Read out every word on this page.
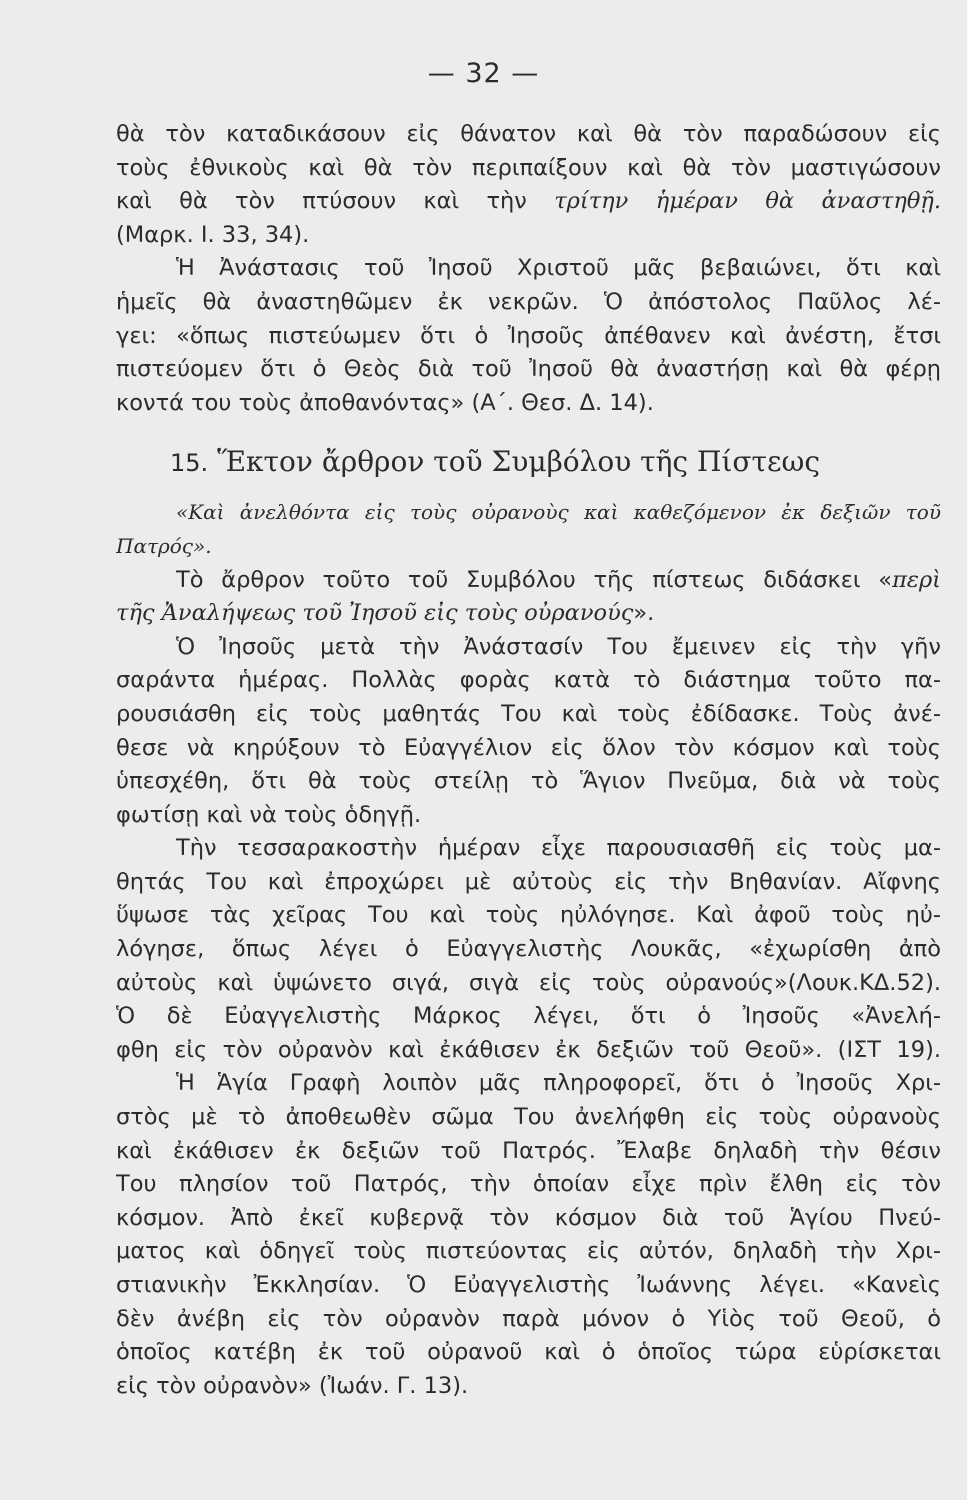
— 32 —
θὰ τὸν καταδικάσουν εἰς θάνατον καὶ θὰ τὸν παραδώσουν εἰς
τοὺς ἐθνικοὺς καὶ θὰ τὸν περιπαίξουν καὶ θὰ τὸν μαστιγώσουν
καὶ θὰ τὸν πτύσουν καὶ τὴν τρίτην ἡμέραν θὰ ἀναστηθῇ.
(Μαρκ. Ι. 33, 34).
Ἡ Ἀνάστασις τοῦ Ἰησοῦ Χριστοῦ μᾶς βεβαιώνει, ὅτι καὶ
ἡμεῖς θὰ ἀναστηθῶμεν ἐκ νεκρῶν. Ὁ ἀπόστολος Παῦλος λέ-
γει: «ὅπως πιστεύωμεν ὅτι ὁ Ἰησοῦς ἀπέθανεν καὶ ἀνέστη, ἔτσι
πιστεύομεν ὅτι ὁ Θεὸς διὰ τοῦ Ἰησοῦ θὰ ἀναστήσῃ καὶ θὰ φέρῃ
κοντά του τοὺς ἀποθανόντας» (Α΄. Θεσ. Δ. 14).
15. Ἕκτον ἄρθρον τοῦ Συμβόλου τῆς Πίστεως
«Καὶ ἀνελθόντα εἰς τοὺς οὐρανοὺς καὶ καθεζόμενον ἐκ δεξιῶν τοῦ
Πατρός».
Τὸ ἄρθρον τοῦτο τοῦ Συμβόλου τῆς πίστεως διδάσκει «περὶ
τῆς Ἀναλήψεως τοῦ Ἰησοῦ εἰς τοὺς οὐρανούς».
Ὁ Ἰησοῦς μετὰ τὴν Ἀνάστασίν Του ἔμεινεν εἰς τὴν γῆν
σαράντα ἡμέρας. Πολλὰς φορὰς κατὰ τὸ διάστημα τοῦτο πα-
ρουσιάσθη εἰς τοὺς μαθητάς Του καὶ τοὺς ἐδίδασκε. Τοὺς ἀνέ-
θεσε νὰ κηρύξουν τὸ Εὐαγγέλιον εἰς ὅλον τὸν κόσμον καὶ τοὺς
ὑπεσχέθη, ὅτι θὰ τοὺς στείλῃ τὸ Ἅγιον Πνεῦμα, διὰ νὰ τοὺς
φωτίσῃ καὶ νὰ τοὺς ὁδηγῇ.
Τὴν τεσσαρακοστὴν ἡμέραν εἶχε παρουσιασθῆ εἰς τοὺς μα-
θητάς Του καὶ ἐπροχώρει μὲ αὐτοὺς εἰς τὴν Βηθανίαν. Αἴφνης
ὕψωσε τὰς χεῖρας Του καὶ τοὺς ηὐλόγησε. Καὶ ἀφοῦ τοὺς ηὐ-
λόγησε, ὅπως λέγει ὁ Εὐαγγελιστὴς Λουκᾶς, «ἐχωρίσθη ἀπὸ
αὐτοὺς καὶ ὑψώνετο σιγά, σιγὰ εἰς τοὺς οὐρανούς»(Λουκ.ΚΔ.52).
Ὁ δὲ Εὐαγγελιστὴς Μάρκος λέγει, ὅτι ὁ Ἰησοῦς «Ἀνελή-
φθη εἰς τὸν οὐρανὸν καὶ ἐκάθισεν ἐκ δεξιῶν τοῦ Θεοῦ». (ΙΣΤ 19).
Ἡ Ἁγία Γραφὴ λοιπὸν μᾶς πληροφορεῖ, ὅτι ὁ Ἰησοῦς Χρι-
στὸς μὲ τὸ ἀποθεωθὲν σῶμα Του ἀνελήφθη εἰς τοὺς οὐρανοὺς
καὶ ἐκάθισεν ἐκ δεξιῶν τοῦ Πατρός. Ἔλαβε δηλαδὴ τὴν θέσιν
Του πλησίον τοῦ Πατρός, τὴν ὁποίαν εἶχε πρὶν ἔλθη εἰς τὸν
κόσμον. Ἀπὸ ἐκεῖ κυβερνᾷ τὸν κόσμον διὰ τοῦ Ἁγίου Πνεύ-
ματος καὶ ὁδηγεῖ τοὺς πιστεύοντας εἰς αὐτόν, δηλαδὴ τὴν Χρι-
στιανικὴν Ἐκκλησίαν. Ὁ Εὐαγγελιστὴς Ἰωάννης λέγει. «Κανεὶς
δὲν ἀνέβη εἰς τὸν οὐρανὸν παρὰ μόνον ὁ Υἱὸς τοῦ Θεοῦ, ὁ
ὁποῖος κατέβη ἐκ τοῦ οὐρανοῦ καὶ ὁ ὁποῖος τώρα εὑρίσκεται
εἰς τὸν οὐρανὸν» (Ἰωάν. Γ. 13).
